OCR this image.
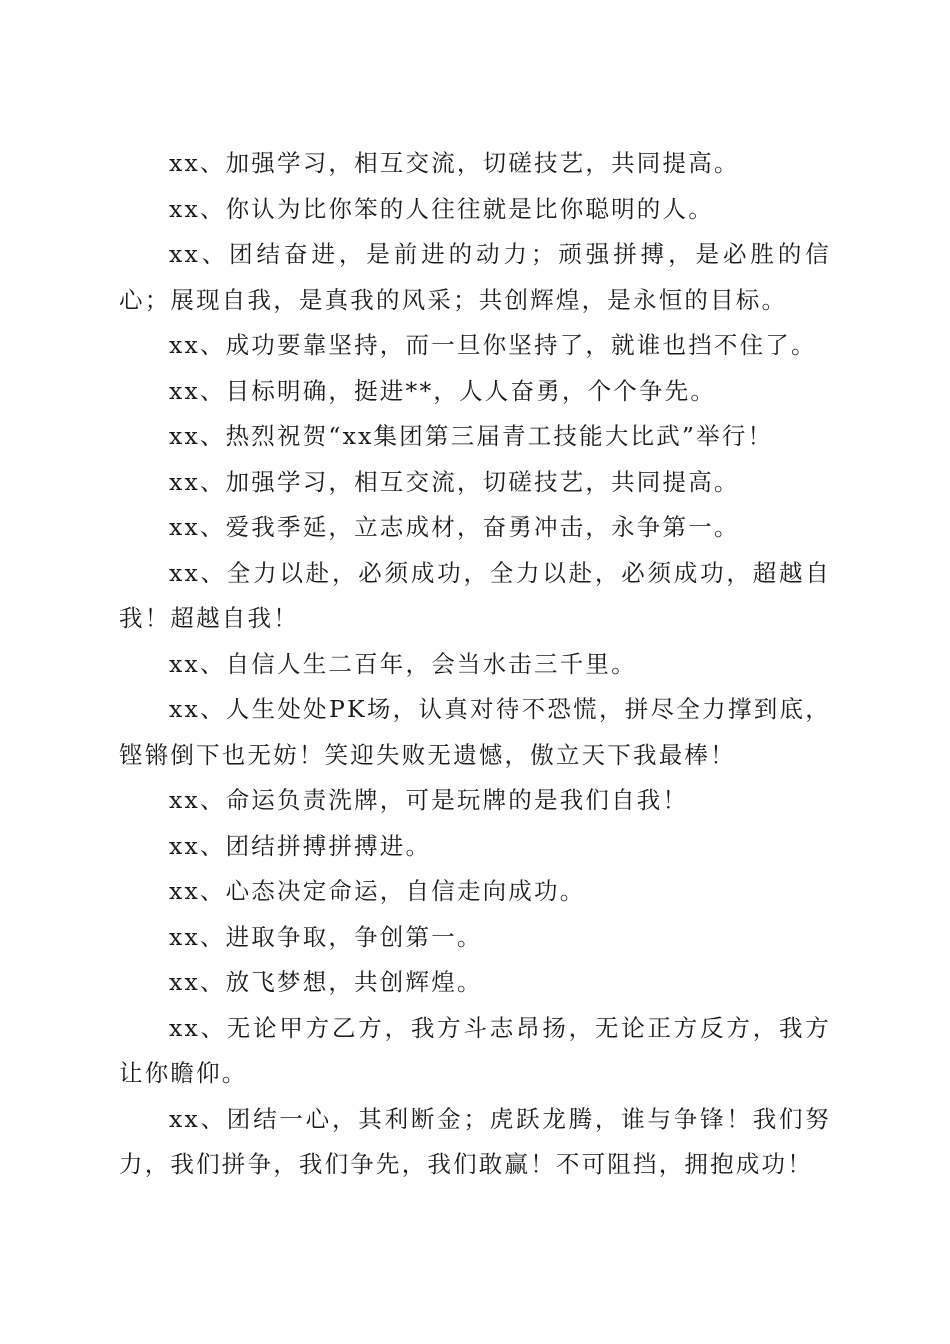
xx、加强学习，相互交流，切磋技艺，共同提高。

xx、你认为比你笨的人往往就是比你聪明的人。

xx、团结奋进，是前进的动力；顽强拼搏，是必胜的信心；展现自我，是真我的风采；共创辉煌，是永恒的目标。

xx、成功要靠坚持，而一旦你坚持了，就谁也挡不住了。

xx、目标明确，挺进**，人人奋勇，个个争先。

xx、热烈祝贺“xx集团第三届青工技能大比武”举行！

xx、加强学习，相互交流，切磋技艺，共同提高。

xx、爱我季延，立志成材，奋勇冲击，永争第一。

xx、全力以赴，必须成功，全力以赴，必须成功，超越自我！超越自我！

xx、自信人生二百年，会当水击三千里。

xx、人生处处PK场，认真对待不恐慌，拼尽全力撑到底，铿锵倒下也无妨！笑迎失败无遗憾，傲立天下我最棒！

xx、命运负责洗牌，可是玩牌的是我们自我！

xx、团结拼搏拼搏进。

xx、心态决定命运，自信走向成功。

xx、进取争取，争创第一。

xx、放飞梦想，共创辉煌。

xx、无论甲方乙方，我方斗志昂扬，无论正方反方，我方让你瞻仰。

xx、团结一心，其利断金；虎跃龙腾，谁与争锋！我们努力，我们拼争，我们争先，我们敢赢！不可阻挡，拥抱成功！
